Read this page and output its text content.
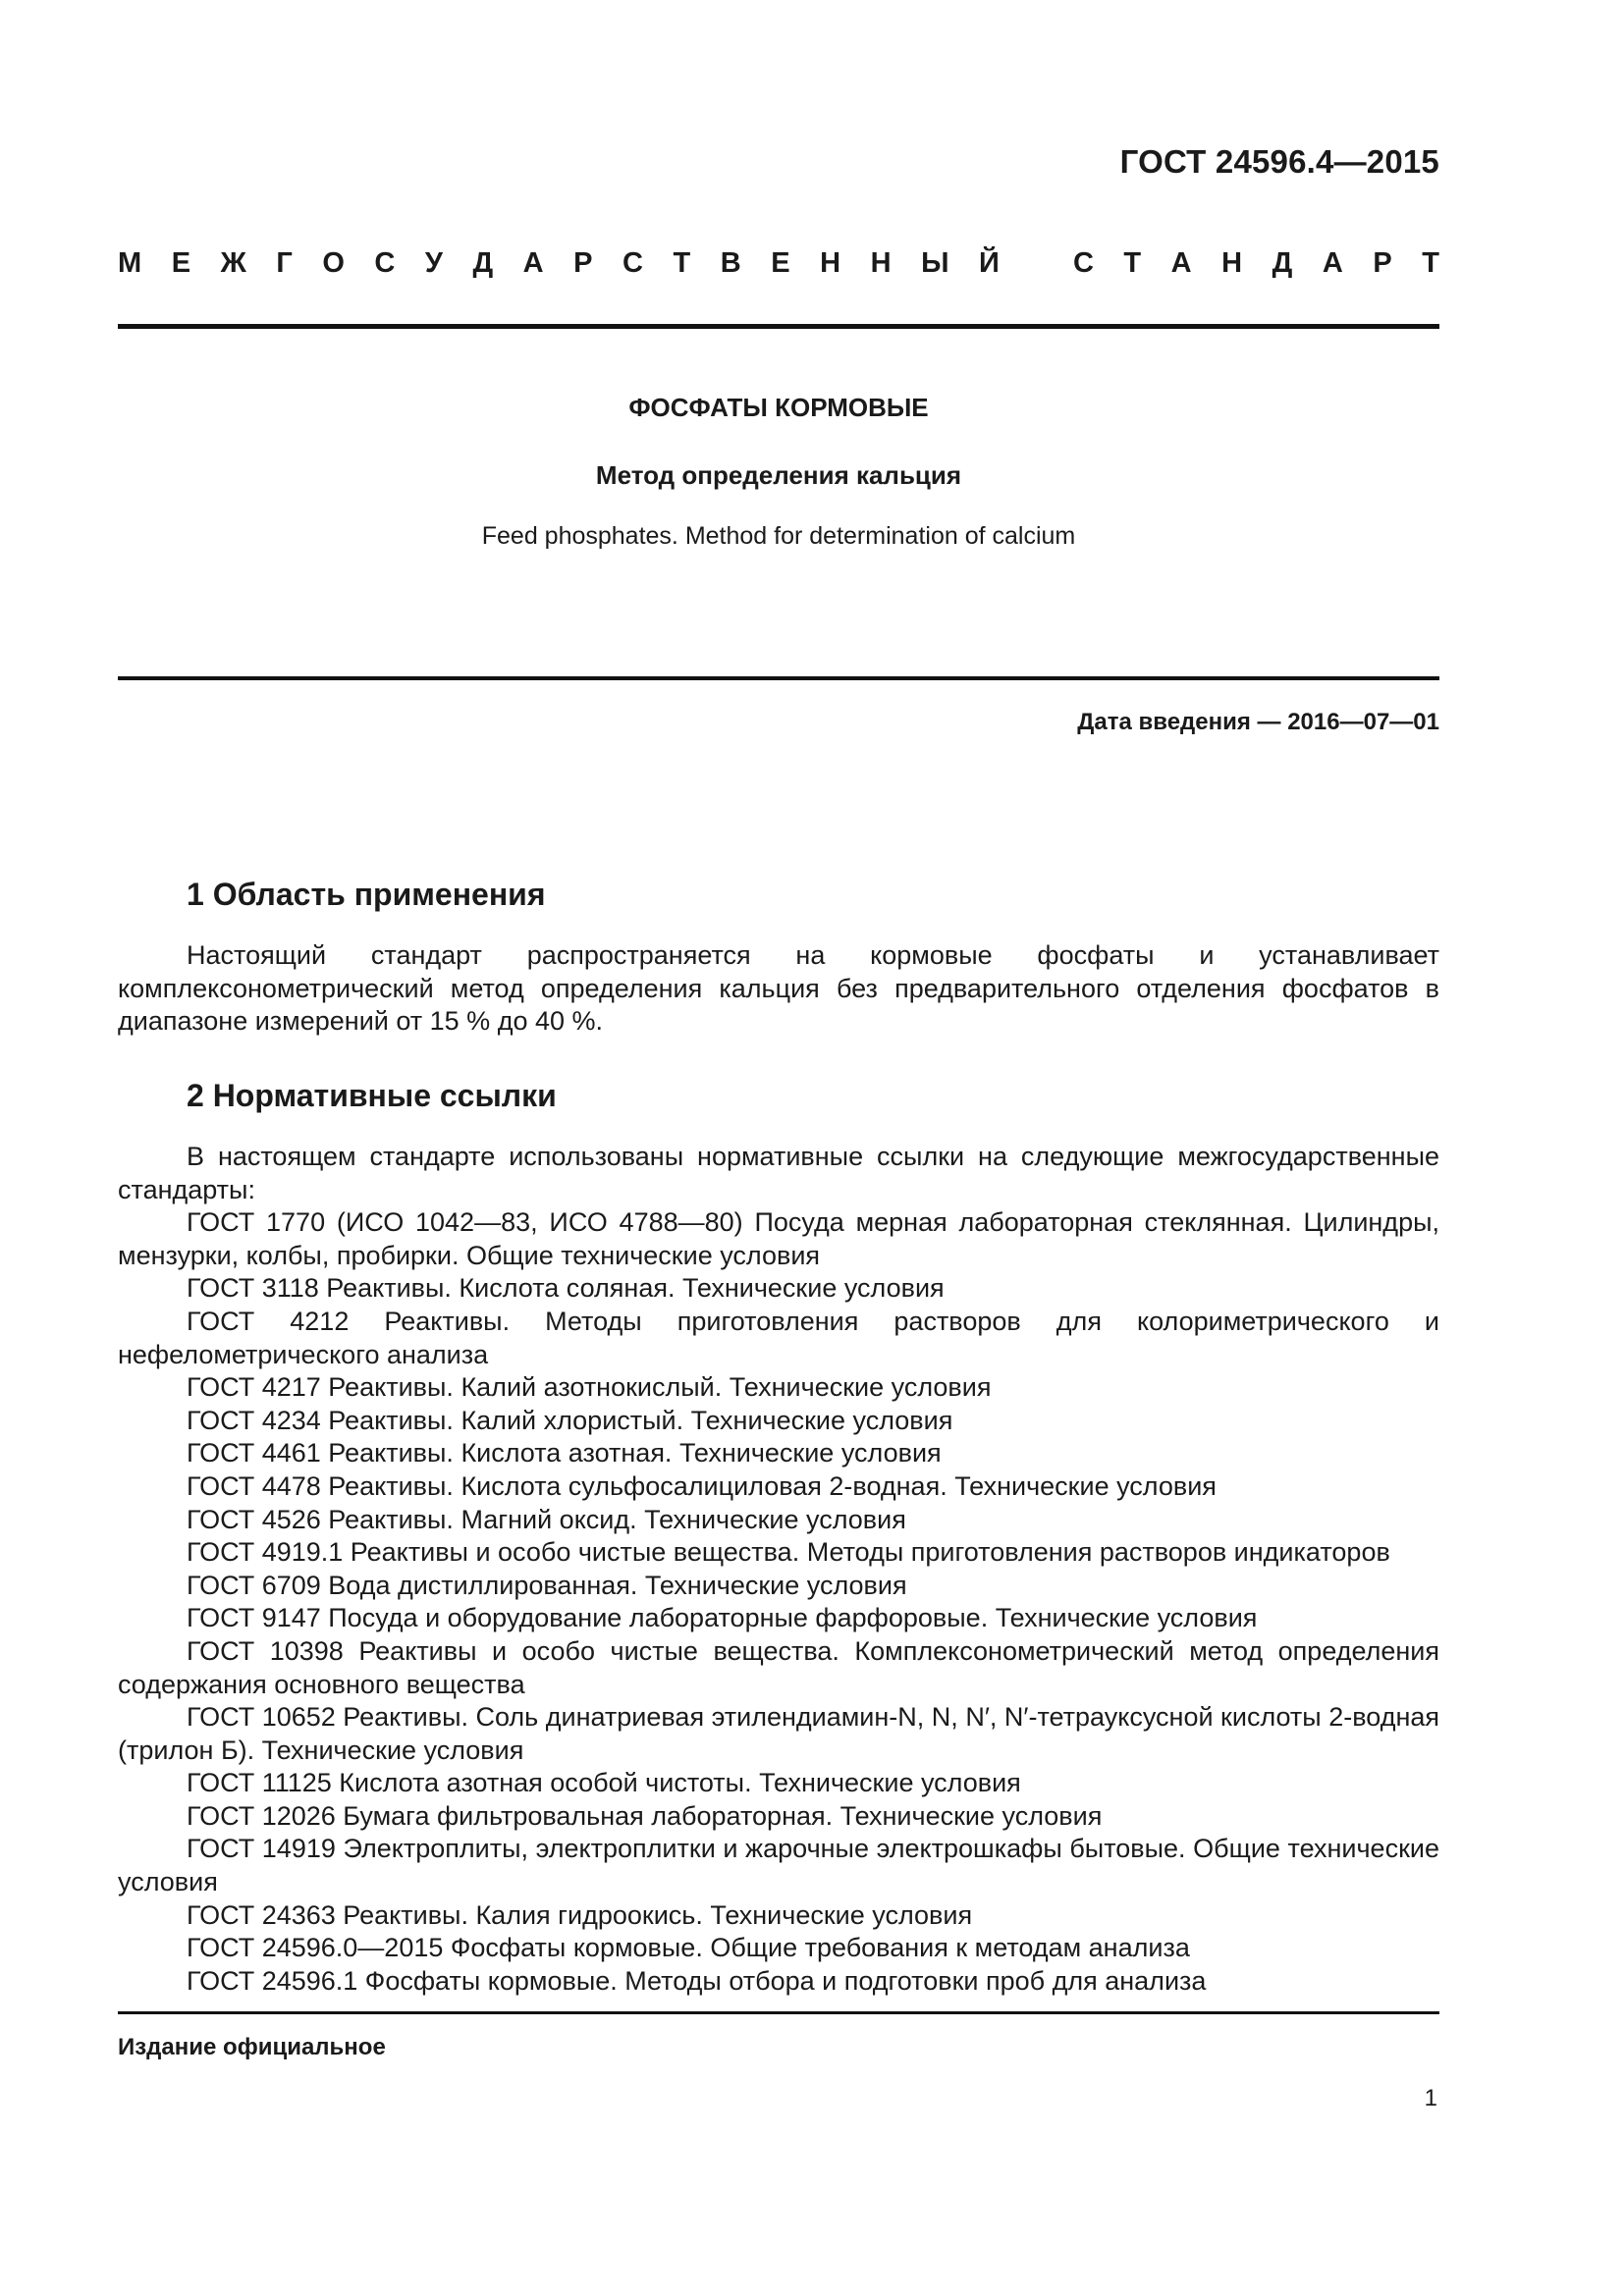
ГОСТ 24596.4—2015
М Е Ж Г О С У Д А Р С Т В Е Н Н Ы Й	С Т А Н Д А Р Т
ФОСФАТЫ КОРМОВЫЕ
Метод определения кальция
Feed phosphates. Method for determination of calcium
Дата введения — 2016—07—01
1 Область применения

Настоящий стандарт распространяется на кормовые фосфаты и устанавливает комплексонометрический метод определения кальция без предварительного отделения фосфатов в диапазоне измерений от 15 % до 40 %.

2 Нормативные ссылки

В настоящем стандарте использованы нормативные ссылки на следующие межгосударственные стандарты:

ГОСТ 1770 (ИСО 1042—83, ИСО 4788—80) Посуда мерная лабораторная стеклянная. Цилиндры, мензурки, колбы, пробирки. Общие технические условия
ГОСТ 3118 Реактивы. Кислота соляная. Технические условия
ГОСТ 4212 Реактивы. Методы приготовления растворов для колориметрического и нефелометрического анализа
ГОСТ 4217 Реактивы. Калий азотнокислый. Технические условия
ГОСТ 4234 Реактивы. Калий хлористый. Технические условия
ГОСТ 4461 Реактивы. Кислота азотная. Технические условия
ГОСТ 4478 Реактивы. Кислота сульфосалициловая 2-водная. Технические условия
ГОСТ 4526 Реактивы. Магний оксид. Технические условия
ГОСТ 4919.1 Реактивы и особо чистые вещества. Методы приготовления растворов индикаторов
ГОСТ 6709 Вода дистиллированная. Технические условия
ГОСТ 9147 Посуда и оборудование лабораторные фарфоровые. Технические условия
ГОСТ 10398 Реактивы и особо чистые вещества. Комплексонометрический метод определения содержания основного вещества
ГОСТ 10652 Реактивы. Соль динатриевая этилендиамин-N, N, N′, N′-тетрауксусной кислоты 2-водная (трилон Б). Технические условия
ГОСТ 11125 Кислота азотная особой чистоты. Технические условия
ГОСТ 12026 Бумага фильтровальная лабораторная. Технические условия
ГОСТ 14919 Электроплиты, электроплитки и жарочные электрошкафы бытовые. Общие технические условия
ГОСТ 24363 Реактивы. Калия гидроокись. Технические условия
ГОСТ 24596.0—2015 Фосфаты кормовые. Общие требования к методам анализа
ГОСТ 24596.1 Фосфаты кормовые. Методы отбора и подготовки проб для анализа
Издание официальное
1
